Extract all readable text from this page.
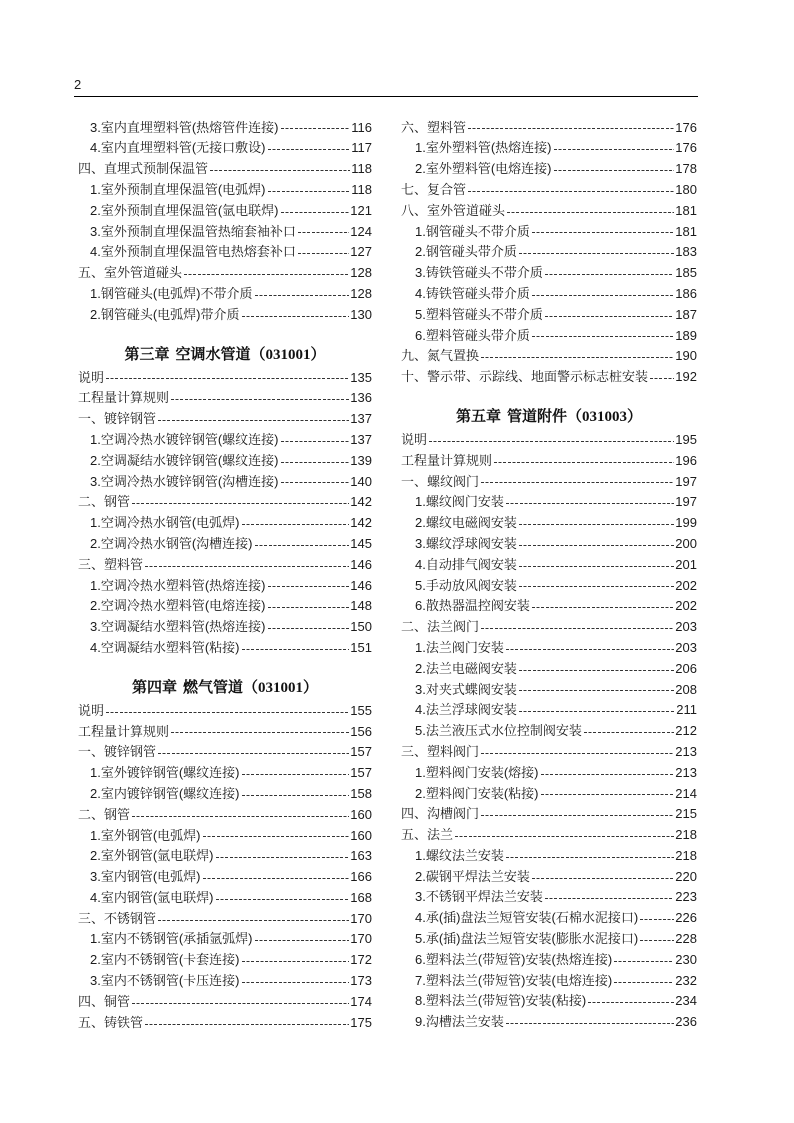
2
3.室内直埋塑料管(热熔管件连接)	116
4.室内直埋塑料管(无接口敷设)	117
四、直埋式预制保温管	118
1.室外预制直埋保温管(电弧焊)	118
2.室外预制直埋保温管(氩电联焊)	121
3.室外预制直埋保温管热缩套袖补口	124
4.室外预制直埋保温管电热熔套补口	127
五、室外管道碰头	128
1.钢管碰头(电弧焊)不带介质	128
2.钢管碰头(电弧焊)带介质	130
第三章 空调水管道（031001）
说明	135
工程量计算规则	136
一、镀锌钢管	137
1.空调冷热水镀锌钢管(螺纹连接)	137
2.空调凝结水镀锌钢管(螺纹连接)	139
3.空调冷热水镀锌钢管(沟槽连接)	140
二、钢管	142
1.空调冷热水钢管(电弧焊)	142
2.空调冷热水钢管(沟槽连接)	145
三、塑料管	146
1.空调冷热水塑料管(热熔连接)	146
2.空调冷热水塑料管(电熔连接)	148
3.空调凝结水塑料管(热熔连接)	150
4.空调凝结水塑料管(粘接)	151
第四章 燃气管道（031001）
说明	155
工程量计算规则	156
一、镀锌钢管	157
1.室外镀锌钢管(螺纹连接)	157
2.室内镀锌钢管(螺纹连接)	158
二、钢管	160
1.室外钢管(电弧焊)	160
2.室外钢管(氩电联焊)	163
3.室内钢管(电弧焊)	166
4.室内钢管(氩电联焊)	168
三、不锈钢管	170
1.室内不锈钢管(承插氩弧焊)	170
2.室内不锈钢管(卡套连接)	172
3.室内不锈钢管(卡压连接)	173
四、铜管	174
五、铸铁管	175
六、塑料管	176
1.室外塑料管(热熔连接)	176
2.室外塑料管(电熔连接)	178
七、复合管	180
八、室外管道碰头	181
1.钢管碰头不带介质	181
2.钢管碰头带介质	183
3.铸铁管碰头不带介质	185
4.铸铁管碰头带介质	186
5.塑料管碰头不带介质	187
6.塑料管碰头带介质	189
九、氮气置换	190
十、警示带、示踪线、地面警示标志桩安装 192
第五章 管道附件（031003）
说明	195
工程量计算规则	196
一、螺纹阀门	197
1.螺纹阀门安装	197
2.螺纹电磁阀安装	199
3.螺纹浮球阀安装	200
4.自动排气阀安装	201
5.手动放风阀安装	202
6.散热器温控阀安装	202
二、法兰阀门	203
1.法兰阀门安装	203
2.法兰电磁阀安装	206
3.对夹式蝶阀安装	208
4.法兰浮球阀安装	211
5.法兰液压式水位控制阀安装	212
三、塑料阀门	213
1.塑料阀门安装(熔接)	213
2.塑料阀门安装(粘接)	214
四、沟槽阀门	215
五、法兰	218
1.螺纹法兰安装	218
2.碳钢平焊法兰安装	220
3.不锈钢平焊法兰安装	223
4.承(插)盘法兰短管安装(石棉水泥接口)	226
5.承(插)盘法兰短管安装(膨胀水泥接口)	228
6.塑料法兰(带短管)安装(热熔连接)	230
7.塑料法兰(带短管)安装(电熔连接)	232
8.塑料法兰(带短管)安装(粘接)	234
9.沟槽法兰安装	236
